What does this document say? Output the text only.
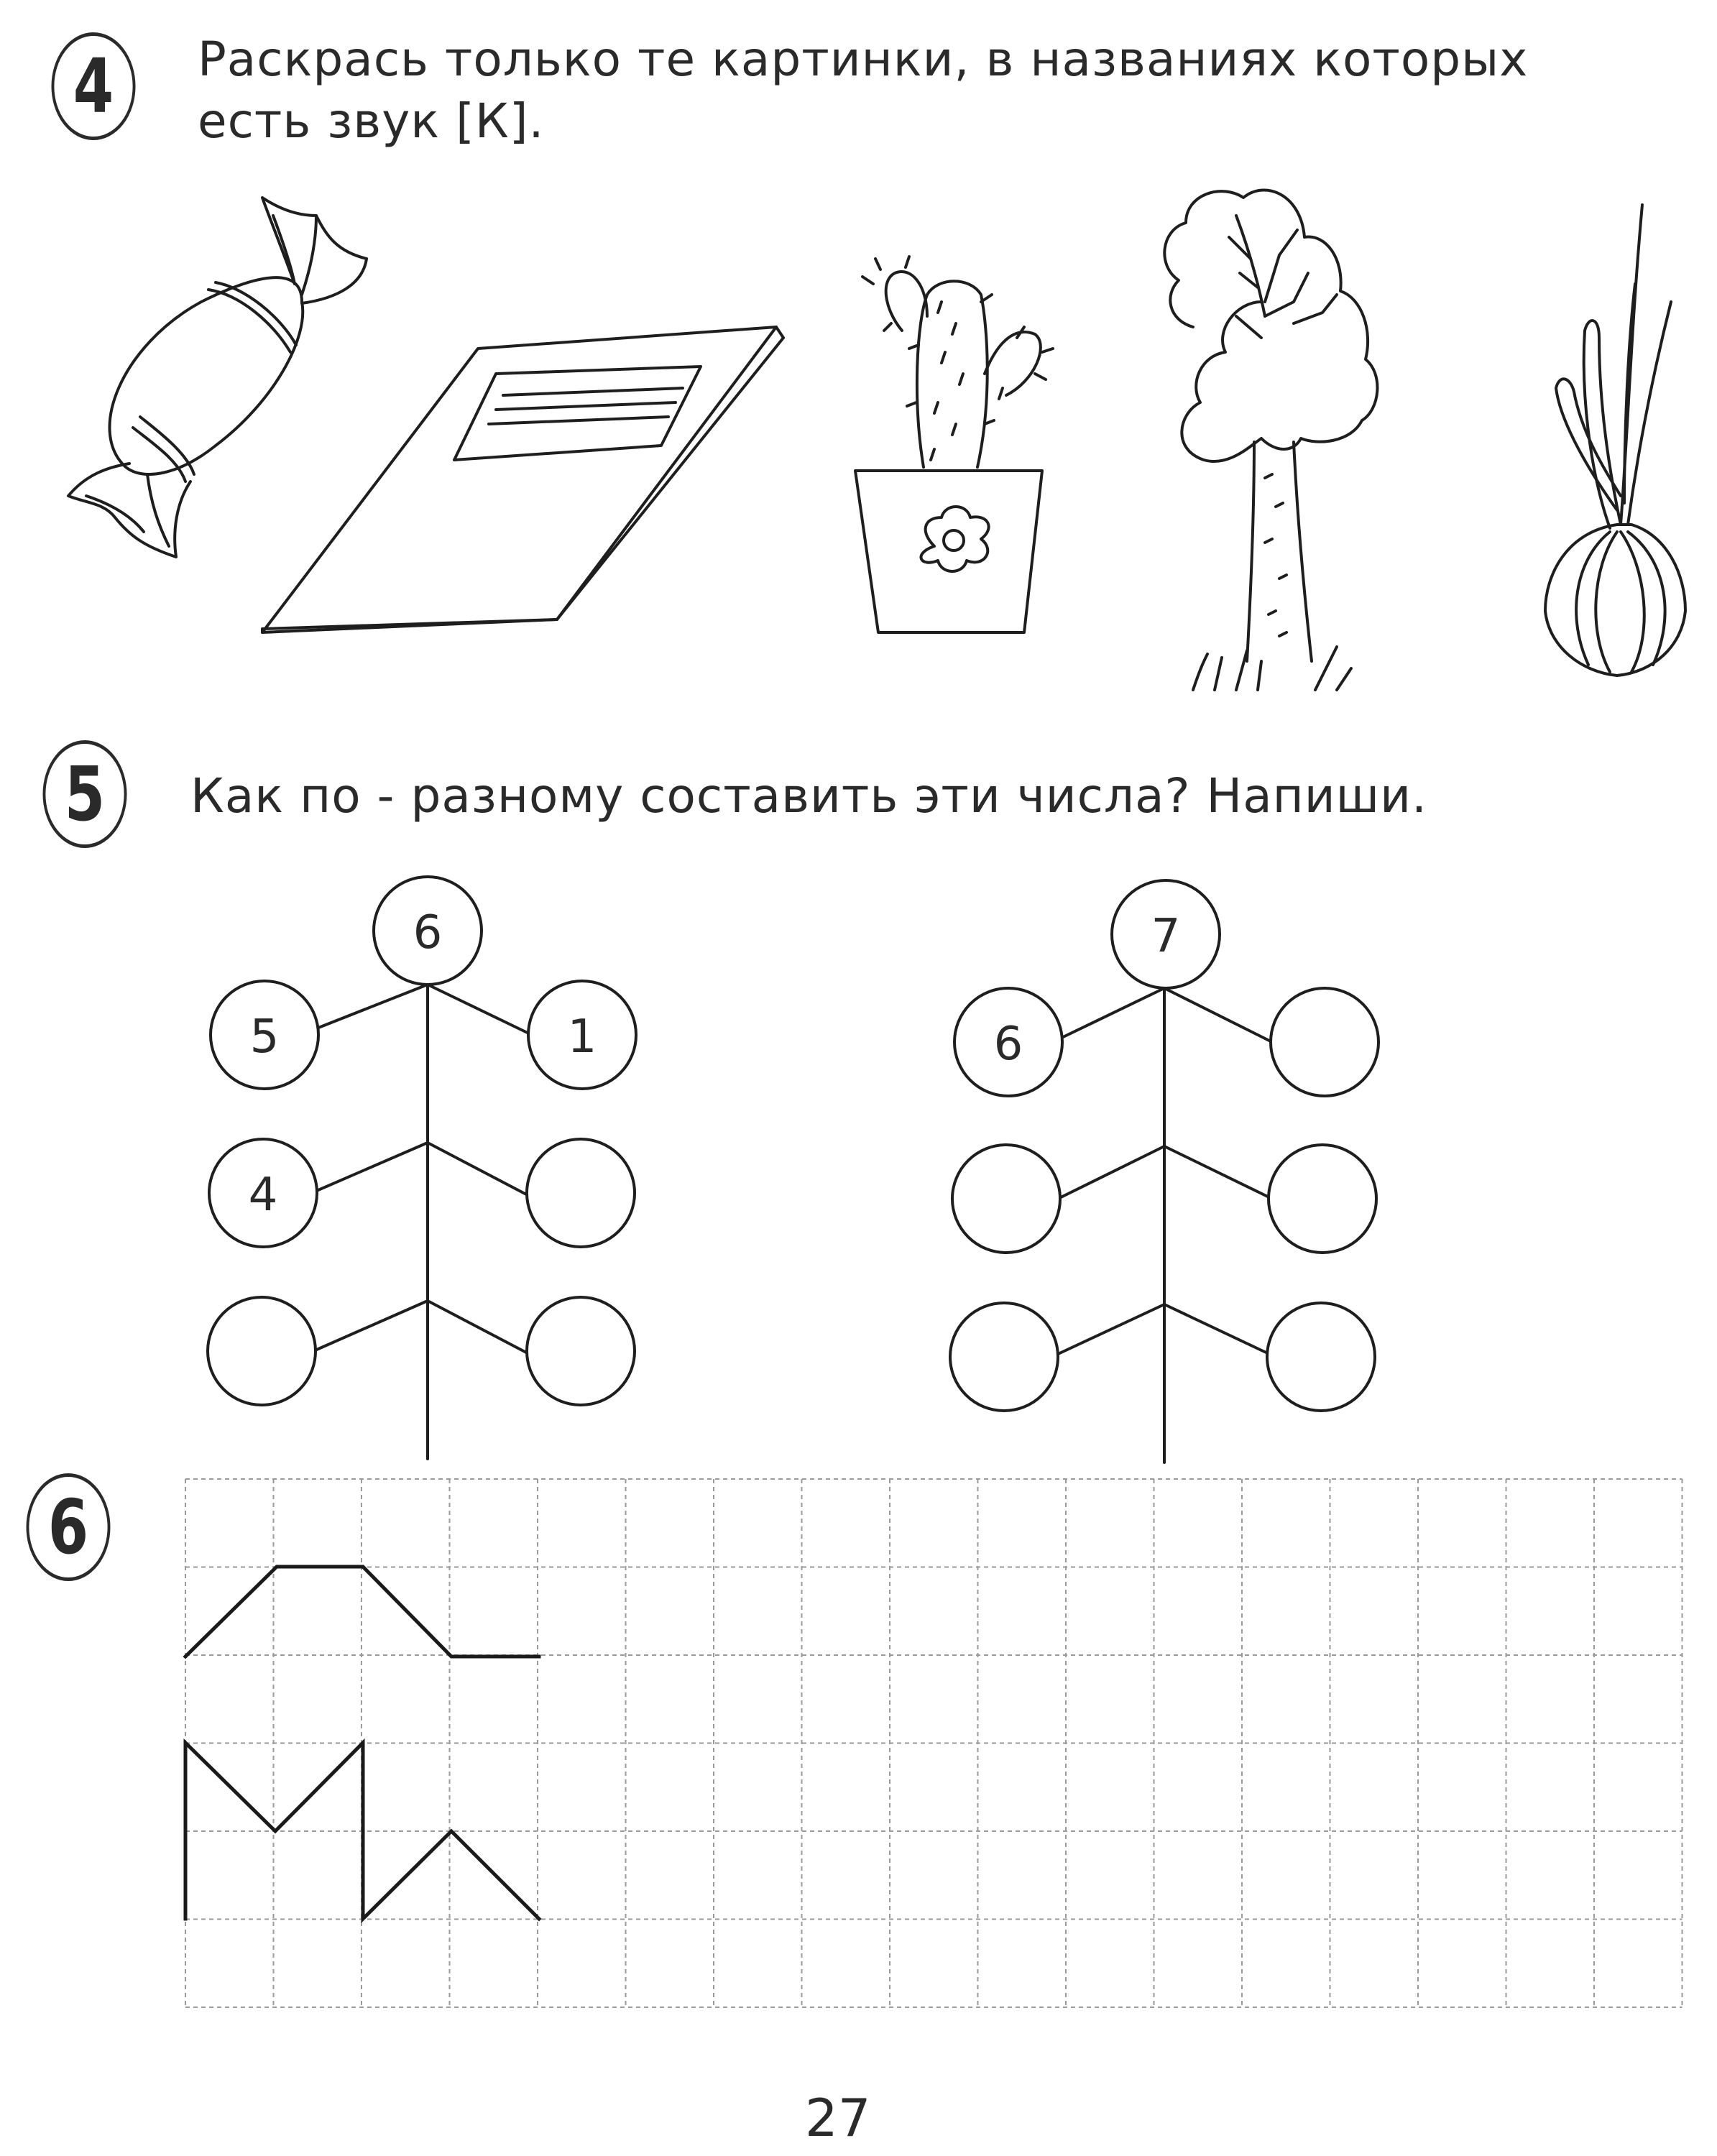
4	Раскрась только те картинки, в названиях которых
есть звук [К].
5	Как по - разному составить эти числа? Напиши.
6
6
5	1
4
7
6
27
